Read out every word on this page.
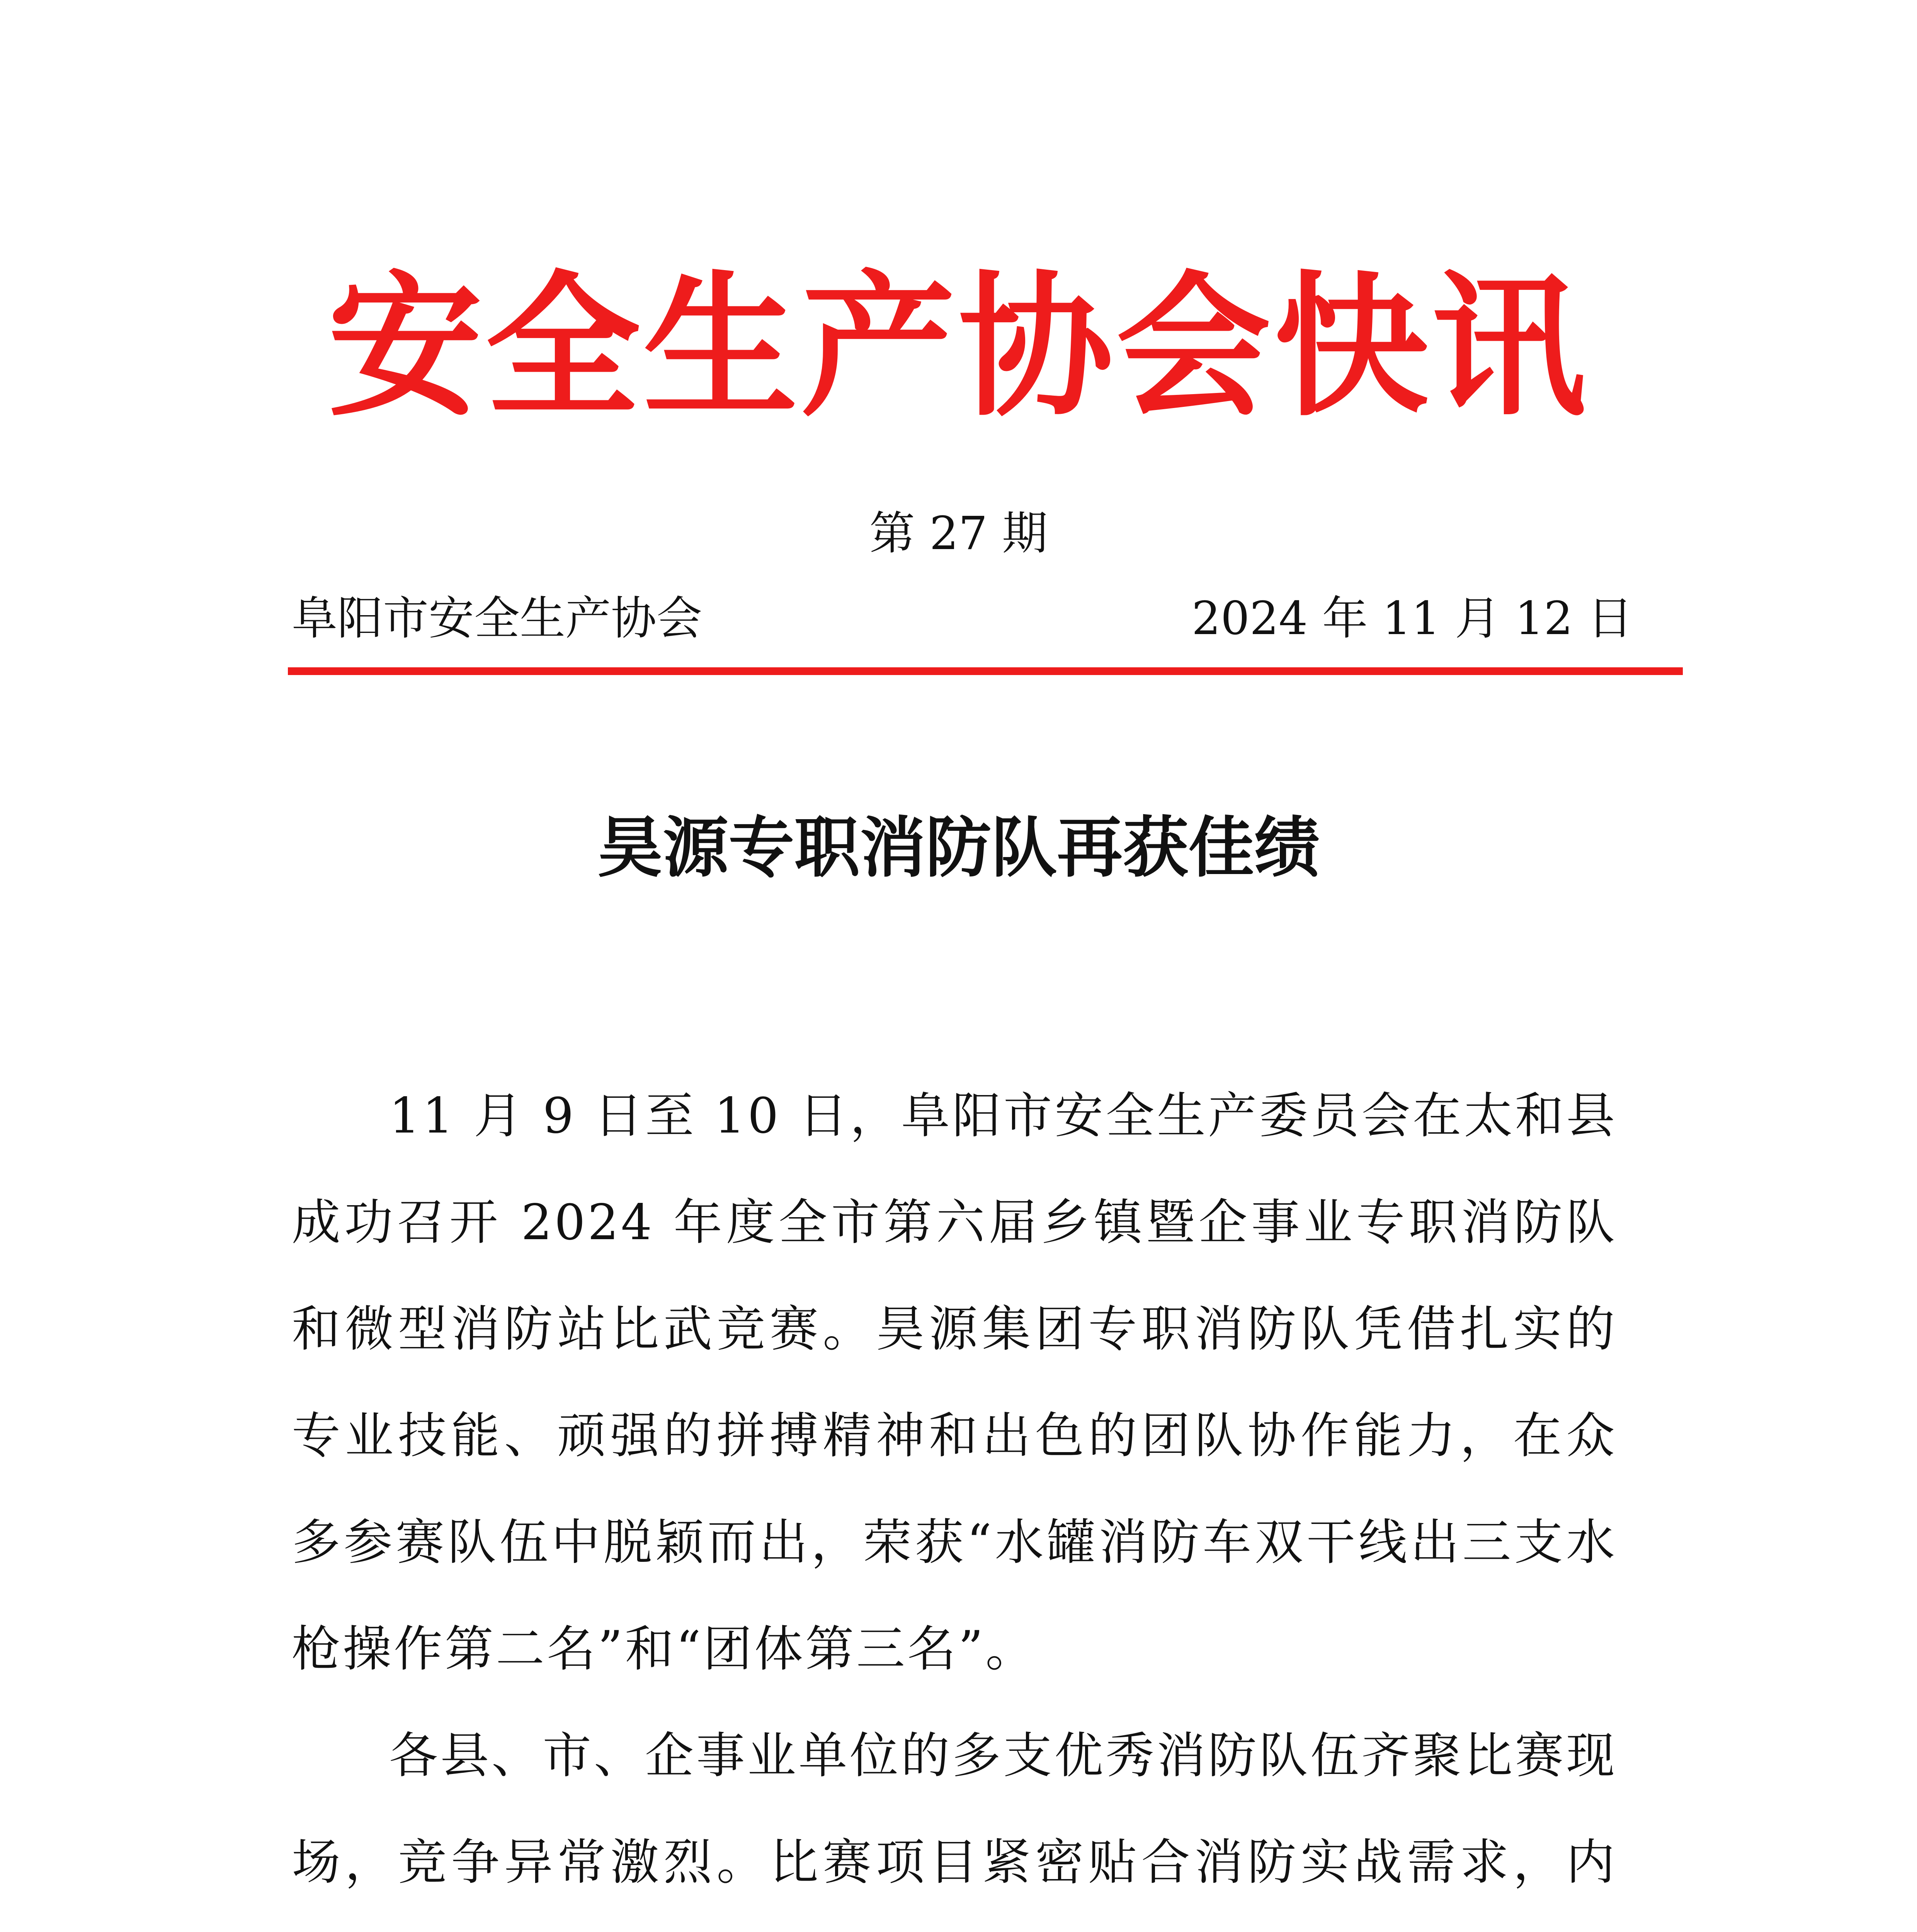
安全生产协会快讯
第 27 期
阜阳市安全生产协会	2024 年 11 月 12 日
昊源专职消防队再获佳绩

11 月 9 日至 10 日，阜阳市安全生产委员会在太和县成功召开 2024 年度全市第六届乡镇暨企事业专职消防队和微型消防站比武竞赛。昊源集团专职消防队凭借扎实的专业技能、顽强的拼搏精神和出色的团队协作能力，在众多参赛队伍中脱颖而出，荣获“水罐消防车双干线出三支水枪操作第二名”和“团体第三名”。

各县、市、企事业单位的多支优秀消防队伍齐聚比赛现场，竞争异常激烈。比赛项目紧密贴合消防实战需求，内
